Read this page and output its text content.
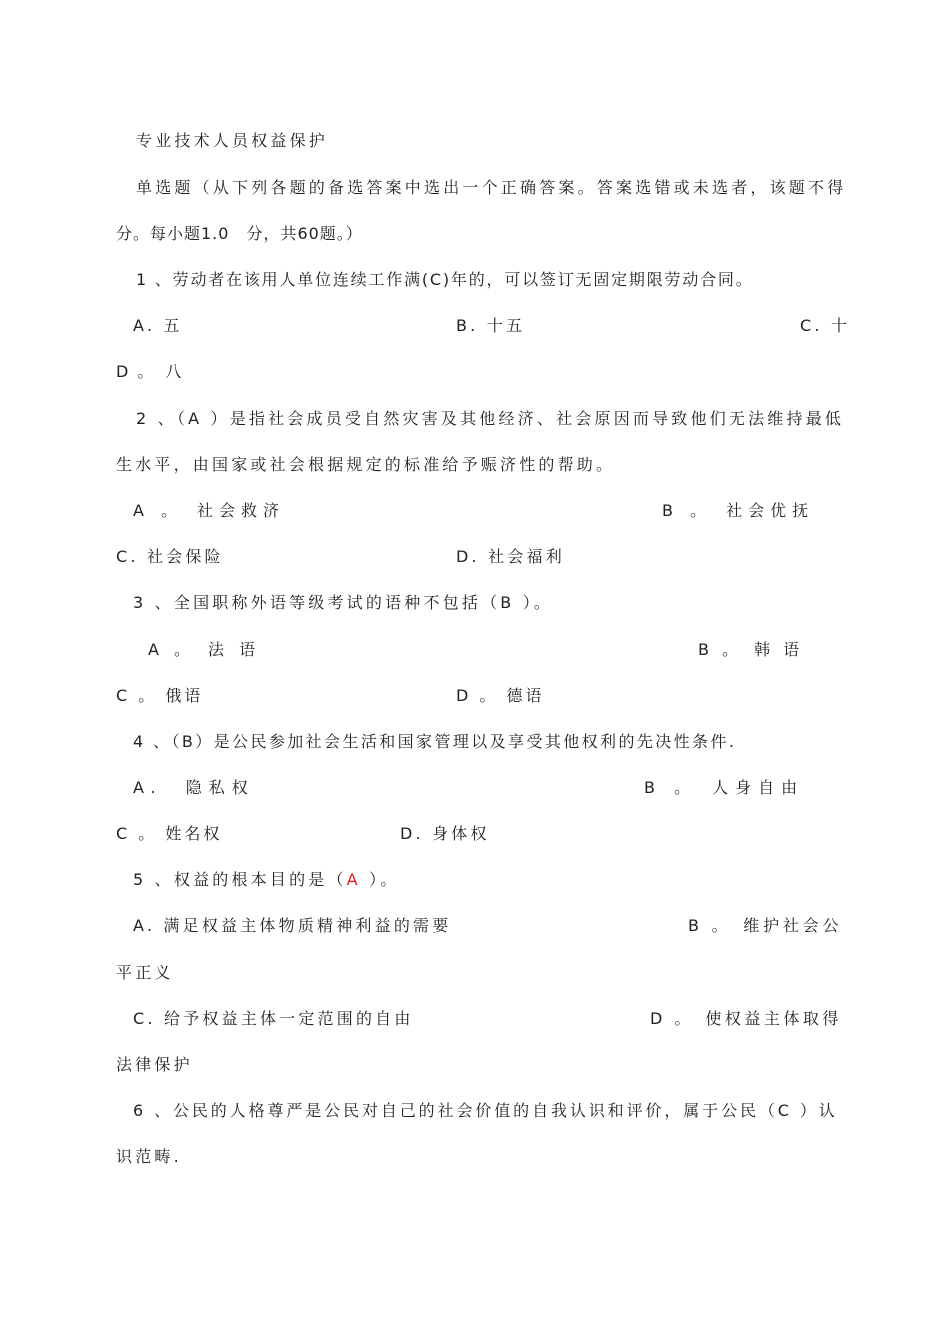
专业技术人员权益保护
单选题（从下列各题的备选答案中选出一个正确答案。答案选错或未选者，该题不得
分。每小题1.0　分，共60题。）
1 、劳动者在该用人单位连续工作满(C)年的，可以签订无固定期限劳动合同。
A. 五	B. 十五	C. 十
D 。　八
2 、（A ）是指社会成员受自然灾害及其他经济、社会原因而导致他们无法维持最低
生水平，由国家或社会根据规定的标准给予赈济性的帮助。
A 。　社会救济	B 。　社会优抚
C. 社会保险	D. 社会福利
3 、全国职称外语等级考试的语种不包括（B ）。
A 。　法 语	B 。　韩 语
C 。 俄语	D 。 德语
4 、（B）是公民参加社会生活和国家管理以及享受其他权利的先决性条件.
A.　隐私权	B 。　人身自由
C 。 姓名权	D. 身体权
5 、权益的根本目的是（A ）。
A. 满足权益主体物质精神利益的需要	B 。　维护社会公
平正义
C. 给予权益主体一定范围的自由	D 。　使权益主体取得
法律保护
6 、公民的人格尊严是公民对自己的社会价值的自我认识和评价，属于公民（C ）认
识范畴.
